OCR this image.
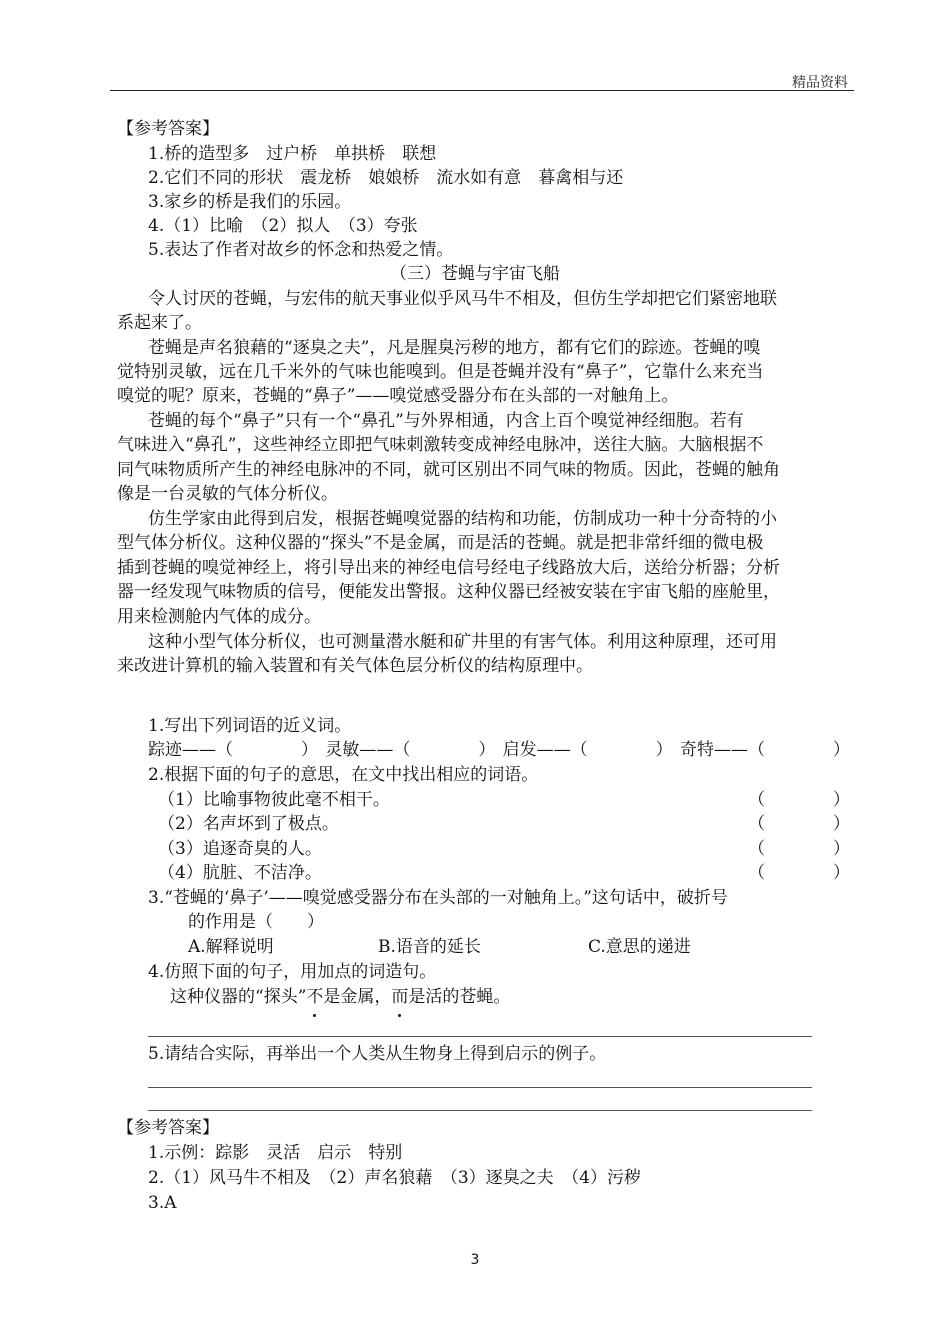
精品资料
【参考答案】
1.桥的造型多　过户桥　单拱桥　联想
2.它们不同的形状　震龙桥　娘娘桥　流水如有意　暮禽相与还
3.家乡的桥是我们的乐园。
4.（1）比喻　（2）拟人　（3）夸张
5.表达了作者对故乡的怀念和热爱之情。
（三）苍蝇与宇宙飞船
令人讨厌的苍蝇，与宏伟的航天事业似乎风马牛不相及，但仿生学却把它们紧密地联
系起来了。
苍蝇是声名狼藉的“逐臭之夫”，凡是腥臭污秽的地方，都有它们的踪迹。苍蝇的嗅
觉特别灵敏，远在几千米外的气味也能嗅到。但是苍蝇并没有“鼻子”，它靠什么来充当
嗅觉的呢？原来，苍蝇的“鼻子”——嗅觉感受器分布在头部的一对触角上。
苍蝇的每个“鼻子”只有一个“鼻孔”与外界相通，内含上百个嗅觉神经细胞。若有
气味进入“鼻孔”，这些神经立即把气味刺激转变成神经电脉冲，送往大脑。大脑根据不
同气味物质所产生的神经电脉冲的不同，就可区别出不同气味的物质。因此，苍蝇的触角
像是一台灵敏的气体分析仪。
仿生学家由此得到启发，根据苍蝇嗅觉器的结构和功能，仿制成功一种十分奇特的小
型气体分析仪。这种仪器的“探头”不是金属，而是活的苍蝇。就是把非常纤细的微电极
插到苍蝇的嗅觉神经上，将引导出来的神经电信号经电子线路放大后，送给分析器；分析
器一经发现气味物质的信号，便能发出警报。这种仪器已经被安装在宇宙飞船的座舱里，
用来检测舱内气体的成分。
这种小型气体分析仪，也可测量潜水艇和矿井里的有害气体。利用这种原理，还可用
来改进计算机的输入装置和有关气体色层分析仪的结构原理中。
1.写出下列词语的近义词。
踪迹——（　　　　） 灵敏——（　　　　） 启发——（　　　　） 奇特——（　　　　）
2.根据下面的句子的意思，在文中找出相应的词语。
（1）比喻事物彼此毫不相干。	（　　　　）
（2）名声坏到了极点。	（　　　　）
（3）追逐奇臭的人。	（　　　　）
（4）肮脏、不洁净。	（　　　　）
3.“苍蝇的‘鼻子’——嗅觉感受器分布在头部的一对触角上。”这句话中，破折号
的作用是（　　）
A.解释说明	B.语音的延长	C.意思的递进
4.仿照下面的句子，用加点的词造句。
这种仪器的“探头”不是金属，而是活的苍蝇。
5.请结合实际，再举出一个人类从生物身上得到启示的例子。
【参考答案】
1.示例：踪影　灵活　启示　特别
2.（1）风马牛不相及　（2）声名狼藉　（3）逐臭之夫　（4）污秽
3.A
3
